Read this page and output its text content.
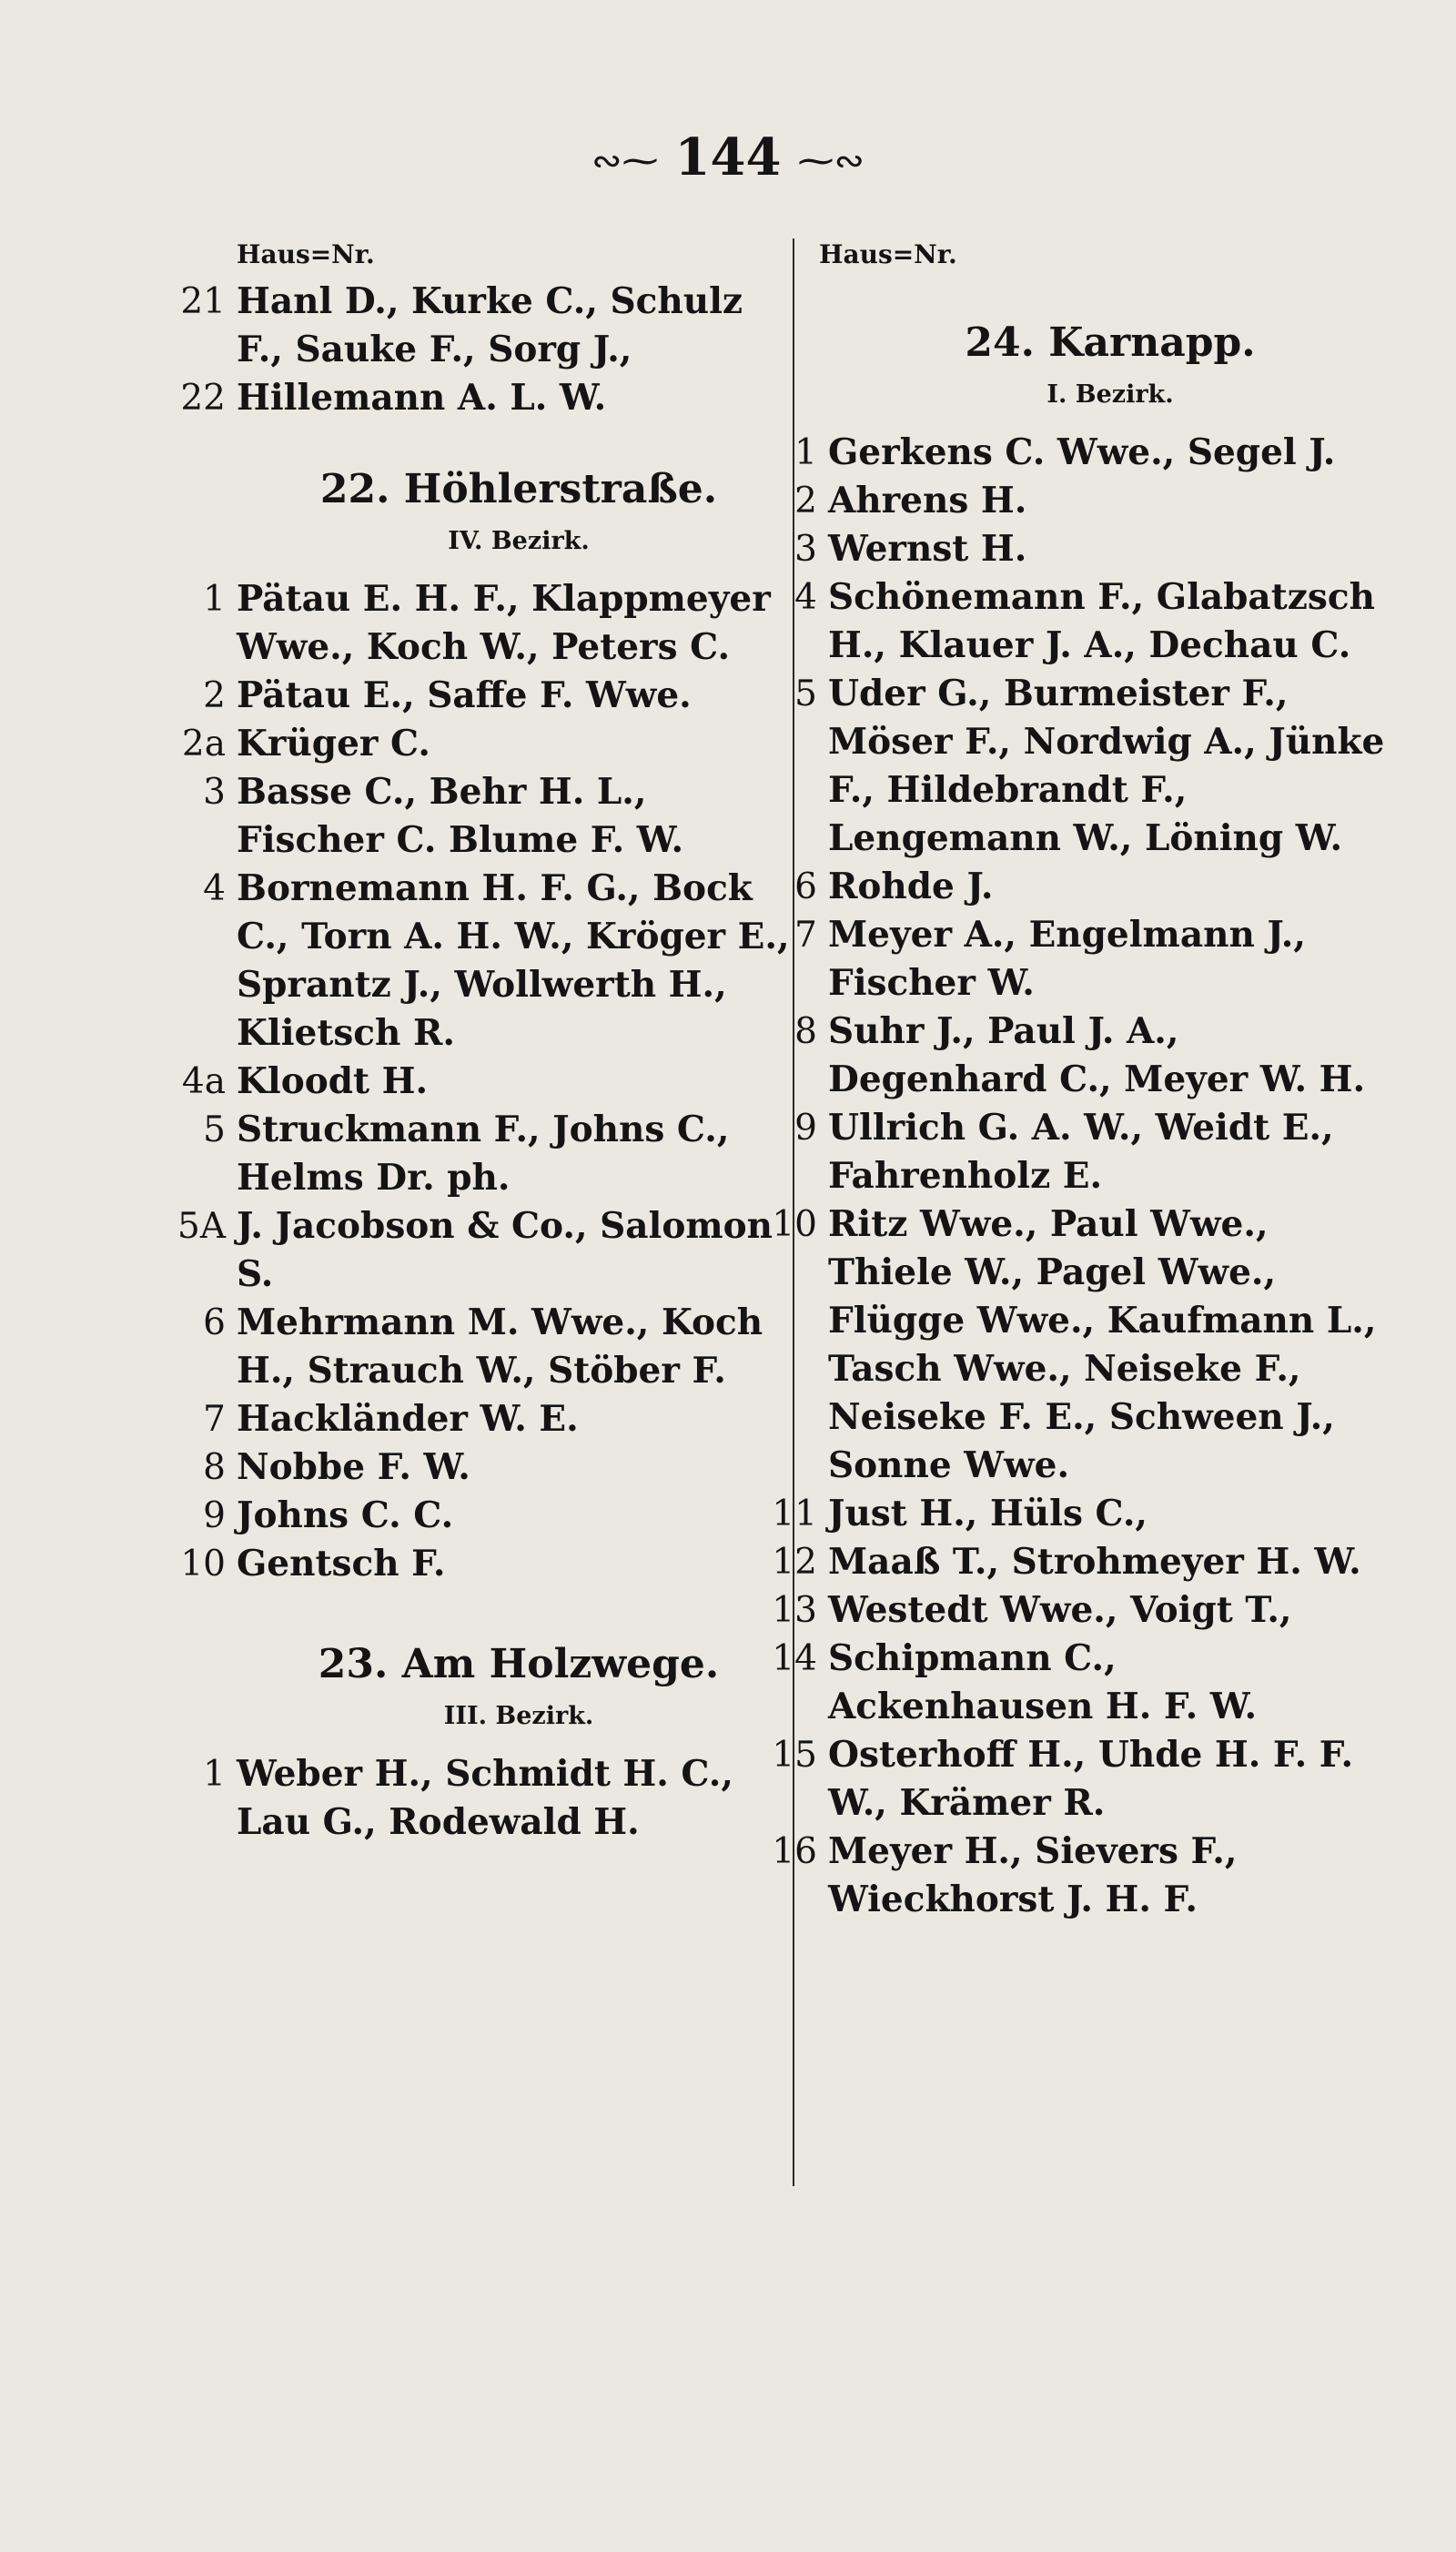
∾⁓ 144 ⁓∾
Haus=Nr.
21 Hanl D., Kurke C., Schulz F., Sauke F., Sorg J.,
22 Hillemann A. L. W.
22. Höhlerstraße.
IV. Bezirk.
1 Pätau E. H. F., Klappmeyer Wwe., Koch W., Peters C.
2 Pätau E., Saffe F. Wwe.
2a Krüger C.
3 Basse C., Behr H. L., Fischer C. Blume F. W.
4 Bornemann H. F. G., Bock C., Torn A. H. W., Kröger E., Sprantz J., Wollwerth H., Klietsch R.
4a Kloodt H.
5 Struckmann F., Johns C., Helms Dr. ph.
5A J. Jacobson & Co., Salomon S.
6 Mehrmann M. Wwe., Koch H., Strauch W., Stöber F.
7 Hackländer W. E.
8 Nobbe F. W.
9 Johns C. C.
10 Gentsch F.
23. Am Holzwege.
III. Bezirk.
1 Weber H., Schmidt H. C., Lau G., Rodewald H.
Haus=Nr.
24. Karnapp.
I. Bezirk.
1 Gerkens C. Wwe., Segel J.
2 Ahrens H.
3 Wernst H.
4 Schönemann F., Glabatzsch H., Klauer J. A., Dechau C.
5 Uder G., Burmeister F., Möser F., Nordwig A., Jünke F., Hildebrandt F., Lengemann W., Löning W.
6 Rohde J.
7 Meyer A., Engelmann J., Fischer W.
8 Suhr J., Paul J. A., Degenhard C., Meyer W. H.
9 Ullrich G. A. W., Weidt E., Fahrenholz E.
10 Ritz Wwe., Paul Wwe., Thiele W., Pagel Wwe., Flügge Wwe., Kaufmann L., Tasch Wwe., Neiseke F., Neiseke F. E., Schween J., Sonne Wwe.
11 Just H., Hüls C.,
12 Maaß T., Strohmeyer H. W.
13 Westedt Wwe., Voigt T.,
14 Schipmann C., Ackenhausen H. F. W.
15 Osterhoff H., Uhde H. F. F. W., Krämer R.
16 Meyer H., Sievers F., Wieckhorst J. H. F.
